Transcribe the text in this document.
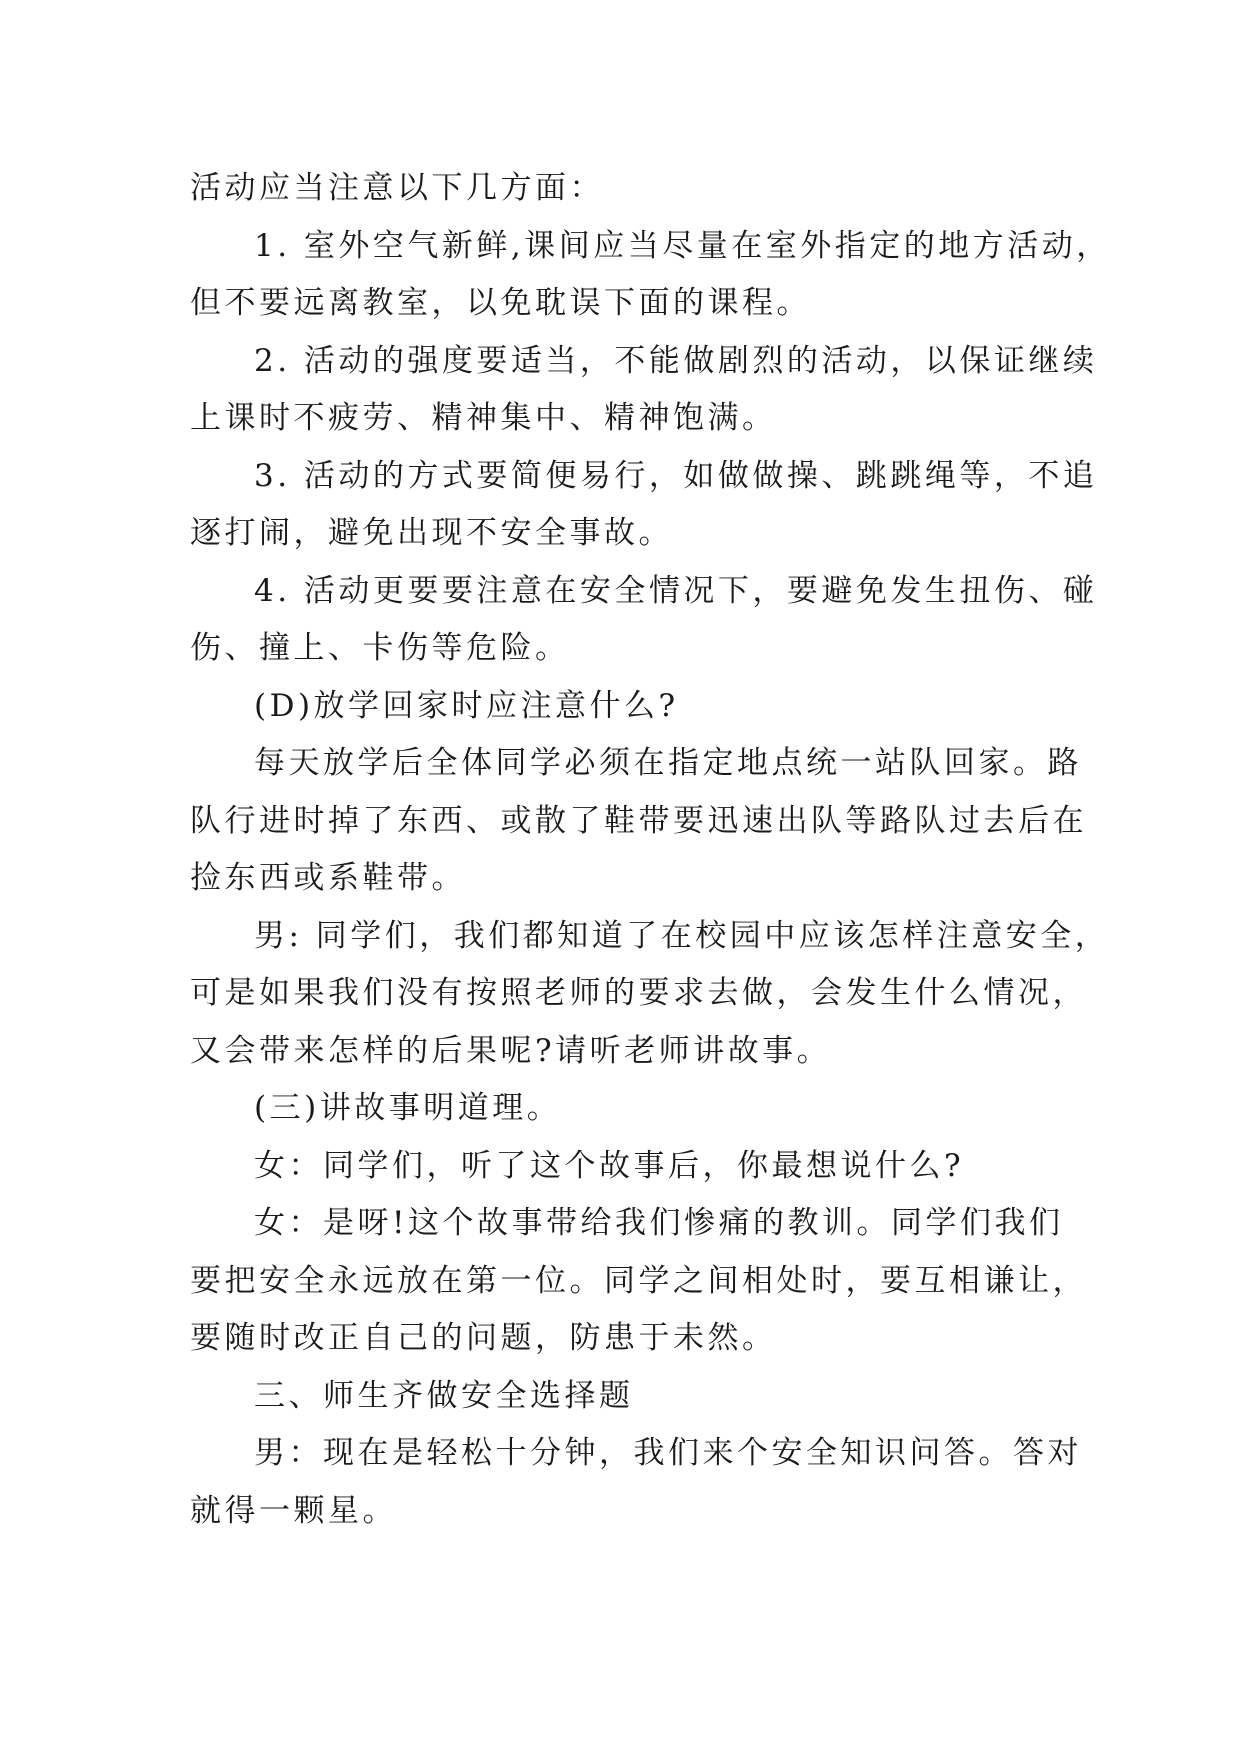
活动应当注意以下几方面：
1. 室外空气新鲜,课间应当尽量在室外指定的地方活动，
但不要远离教室，以免耽误下面的课程。
2. 活动的强度要适当，不能做剧烈的活动，以保证继续
上课时不疲劳、精神集中、精神饱满。
3. 活动的方式要简便易行，如做做操、跳跳绳等，不追
逐打闹，避免出现不安全事故。
4. 活动更要要注意在安全情况下，要避免发生扭伤、碰
伤、撞上、卡伤等危险。
(D)放学回家时应注意什么?
每天放学后全体同学必须在指定地点统一站队回家。路
队行进时掉了东西、或散了鞋带要迅速出队等路队过去后在
捡东西或系鞋带。
男: 同学们，我们都知道了在校园中应该怎样注意安全，
可是如果我们没有按照老师的要求去做，会发生什么情况，
又会带来怎样的后果呢?请听老师讲故事。
(三)讲故事明道理。
女：同学们，听了这个故事后，你最想说什么?
女：是呀!这个故事带给我们惨痛的教训。同学们我们
要把安全永远放在第一位。同学之间相处时，要互相谦让，
要随时改正自己的问题，防患于未然。
三、师生齐做安全选择题
男：现在是轻松十分钟，我们来个安全知识问答。答对
就得一颗星。
